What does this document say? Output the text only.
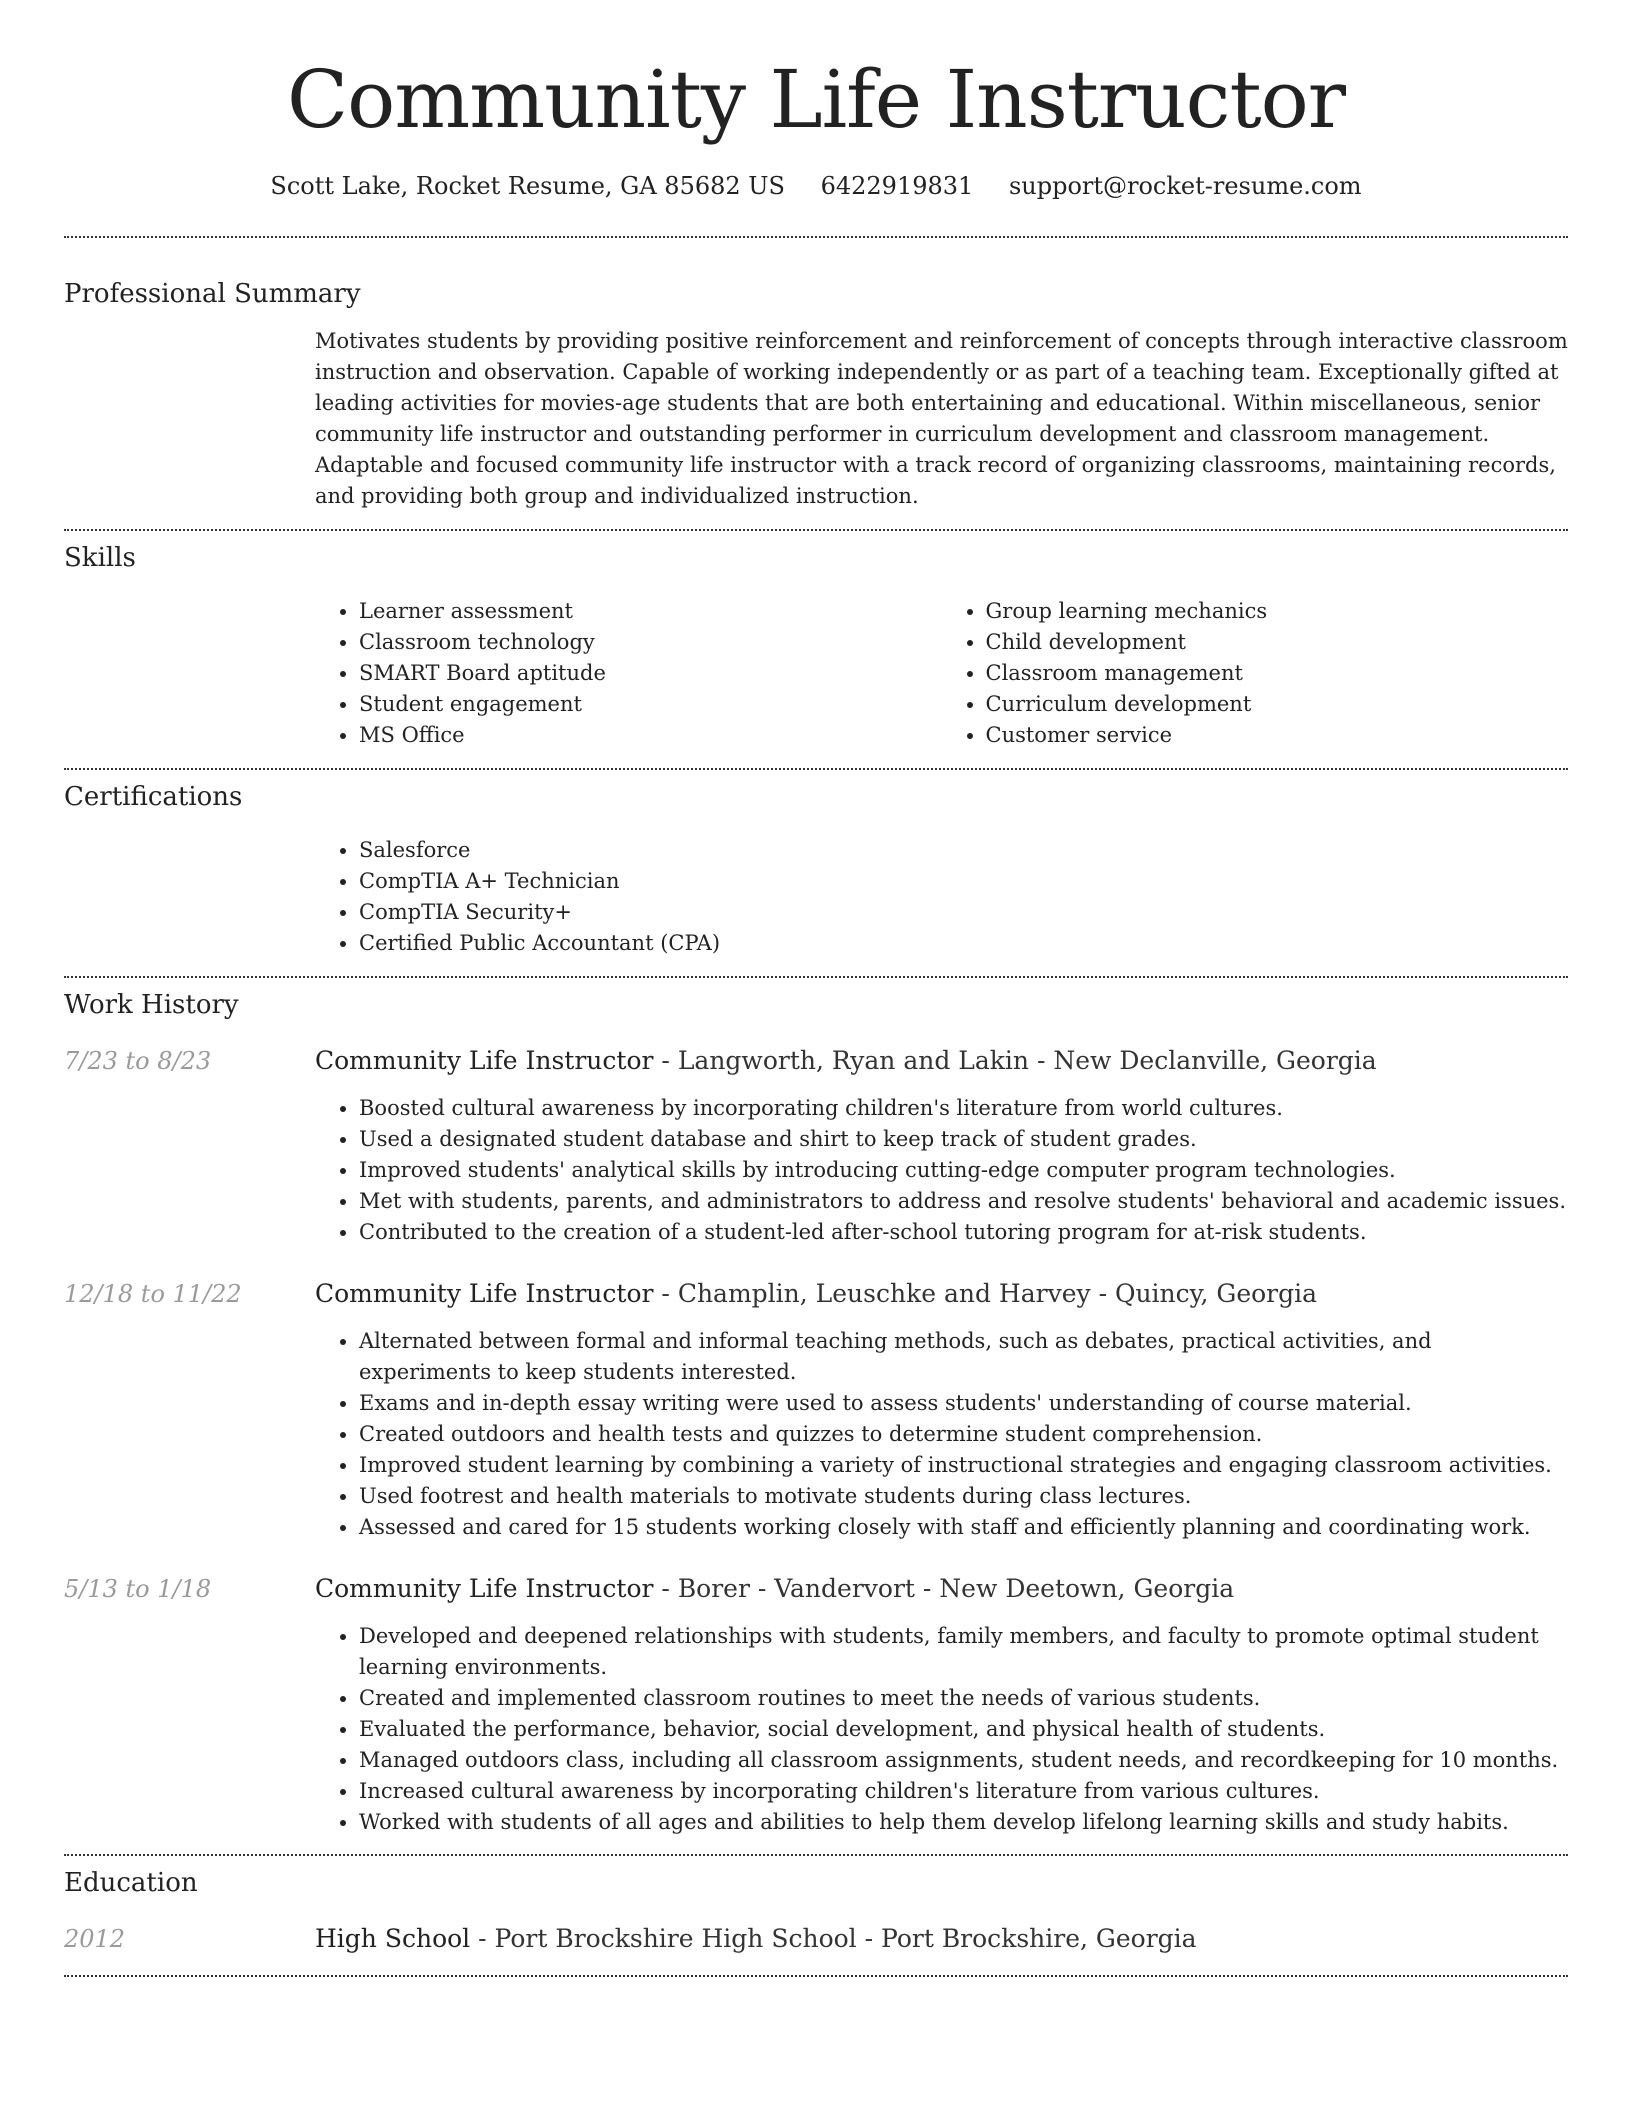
Community Life Instructor
Scott Lake, Rocket Resume, GA 85682 US 6422919831 support@rocket-resume.com
Professional Summary

Motivates students by providing positive reinforcement and reinforcement of concepts through interactive classroom instruction and observation. Capable of working independently or as part of a teaching team. Exceptionally gifted at leading activities for movies-age students that are both entertaining and educational. Within miscellaneous, senior community life instructor and outstanding performer in curriculum development and classroom management. Adaptable and focused community life instructor with a track record of organizing classrooms, maintaining records, and providing both group and individualized instruction.

Skills
• Learner assessment
• Classroom technology
• SMART Board aptitude
• Student engagement
• MS Office
• Group learning mechanics
• Child development
• Classroom management
• Curriculum development
• Customer service
Certifications
• Salesforce
• CompTIA A+ Technician
• CompTIA Security+
• Certified Public Accountant (CPA)
Work History
7/23 to 8/23	Community Life Instructor - Langworth, Ryan and Lakin - New Declanville, Georgia
• Boosted cultural awareness by incorporating children's literature from world cultures.
• Used a designated student database and shirt to keep track of student grades.
• Improved students' analytical skills by introducing cutting-edge computer program technologies.
• Met with students, parents, and administrators to address and resolve students' behavioral and academic issues.
• Contributed to the creation of a student-led after-school tutoring program for at-risk students.
12/18 to 11/22	Community Life Instructor - Champlin, Leuschke and Harvey - Quincy, Georgia
• Alternated between formal and informal teaching methods, such as debates, practical activities, and experiments to keep students interested.
• Exams and in-depth essay writing were used to assess students' understanding of course material.
• Created outdoors and health tests and quizzes to determine student comprehension.
• Improved student learning by combining a variety of instructional strategies and engaging classroom activities.
• Used footrest and health materials to motivate students during class lectures.
• Assessed and cared for 15 students working closely with staff and efficiently planning and coordinating work.
5/13 to 1/18	Community Life Instructor - Borer - Vandervort - New Deetown, Georgia
• Developed and deepened relationships with students, family members, and faculty to promote optimal student learning environments.
• Created and implemented classroom routines to meet the needs of various students.
• Evaluated the performance, behavior, social development, and physical health of students.
• Managed outdoors class, including all classroom assignments, student needs, and recordkeeping for 10 months.
• Increased cultural awareness by incorporating children's literature from various cultures.
• Worked with students of all ages and abilities to help them develop lifelong learning skills and study habits.
Education
2012	High School - Port Brockshire High School - Port Brockshire, Georgia
